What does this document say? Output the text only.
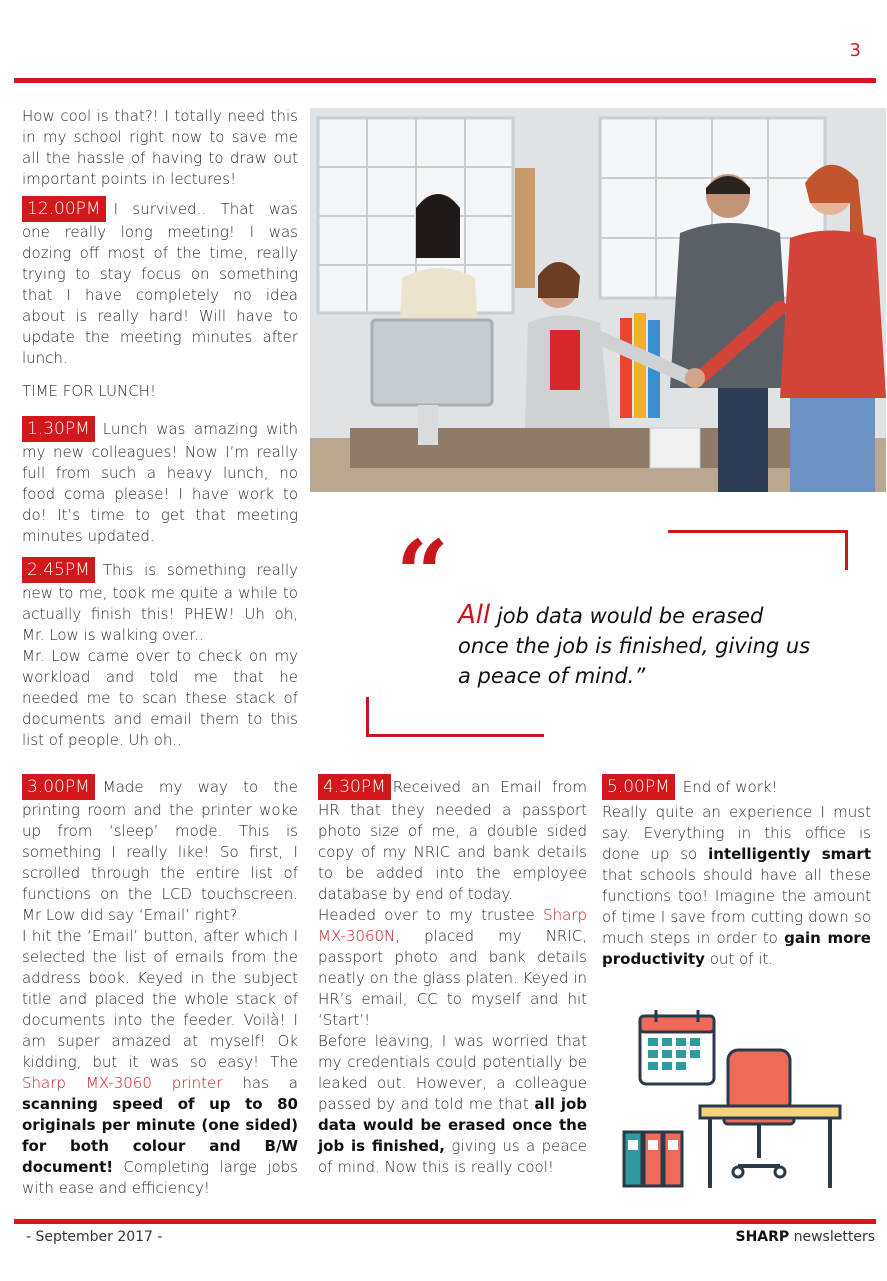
3

How cool is that?! I totally need this in my school right now to save me all the hassle of having to draw out important points in lectures!

12.00PM I survived.. That was one really long meeting! I was dozing off most of the time, really trying to stay focus on something that I have completely no idea about is really hard! Will have to update the meeting minutes after lunch.

TIME FOR LUNCH!

1.30PM Lunch was amazing with my new colleagues! Now I’m really full from such a heavy lunch, no food coma please! I have work to do! It’s time to get that meeting minutes updated.

2.45PM This is something really new to me, took me quite a while to actually finish this! PHEW! Uh oh, Mr. Low is walking over..

Mr. Low came over to check on my workload and told me that he needed me to scan these stack of documents and email them to this list of people. Uh oh..

“ All job data would be erased once the job is finished, giving us a peace of mind.”

3.00PM Made my way to the printing room and the printer woke up from ‘sleep’ mode. This is something I really like! So first, I scrolled through the entire list of functions on the LCD touchscreen. Mr Low did say ‘Email’ right?

I hit the ‘Email’ button, after which I selected the list of emails from the address book. Keyed in the subject title and placed the whole stack of documents into the feeder. Voilà! I am super amazed at myself! Ok kidding, but it was so easy! The Sharp MX-3060 printer has a scanning speed of up to 80 originals per minute (one sided) for both colour and B/W document! Completing large jobs with ease and efficiency!

4.30PM Received an Email from HR that they needed a passport photo size of me, a double sided copy of my NRIC and bank details to be added into the employee database by end of today.

Headed over to my trustee Sharp MX-3060N, placed my NRIC, passport photo and bank details neatly on the glass platen. Keyed in HR’s email, CC to myself and hit ‘Start’!

Before leaving, I was worried that my credentials could potentially be leaked out. However, a colleague passed by and told me that all job data would be erased once the job is finished, giving us a peace of mind. Now this is really cool!

5.00PM End of work!

Really quite an experience I must say. Everything in this office is done up so intelligently smart that schools should have all these functions too! Imagine the amount of time I save from cutting down so much steps in order to gain more productivity out of it.

- September 2017 -	SHARP newsletters
